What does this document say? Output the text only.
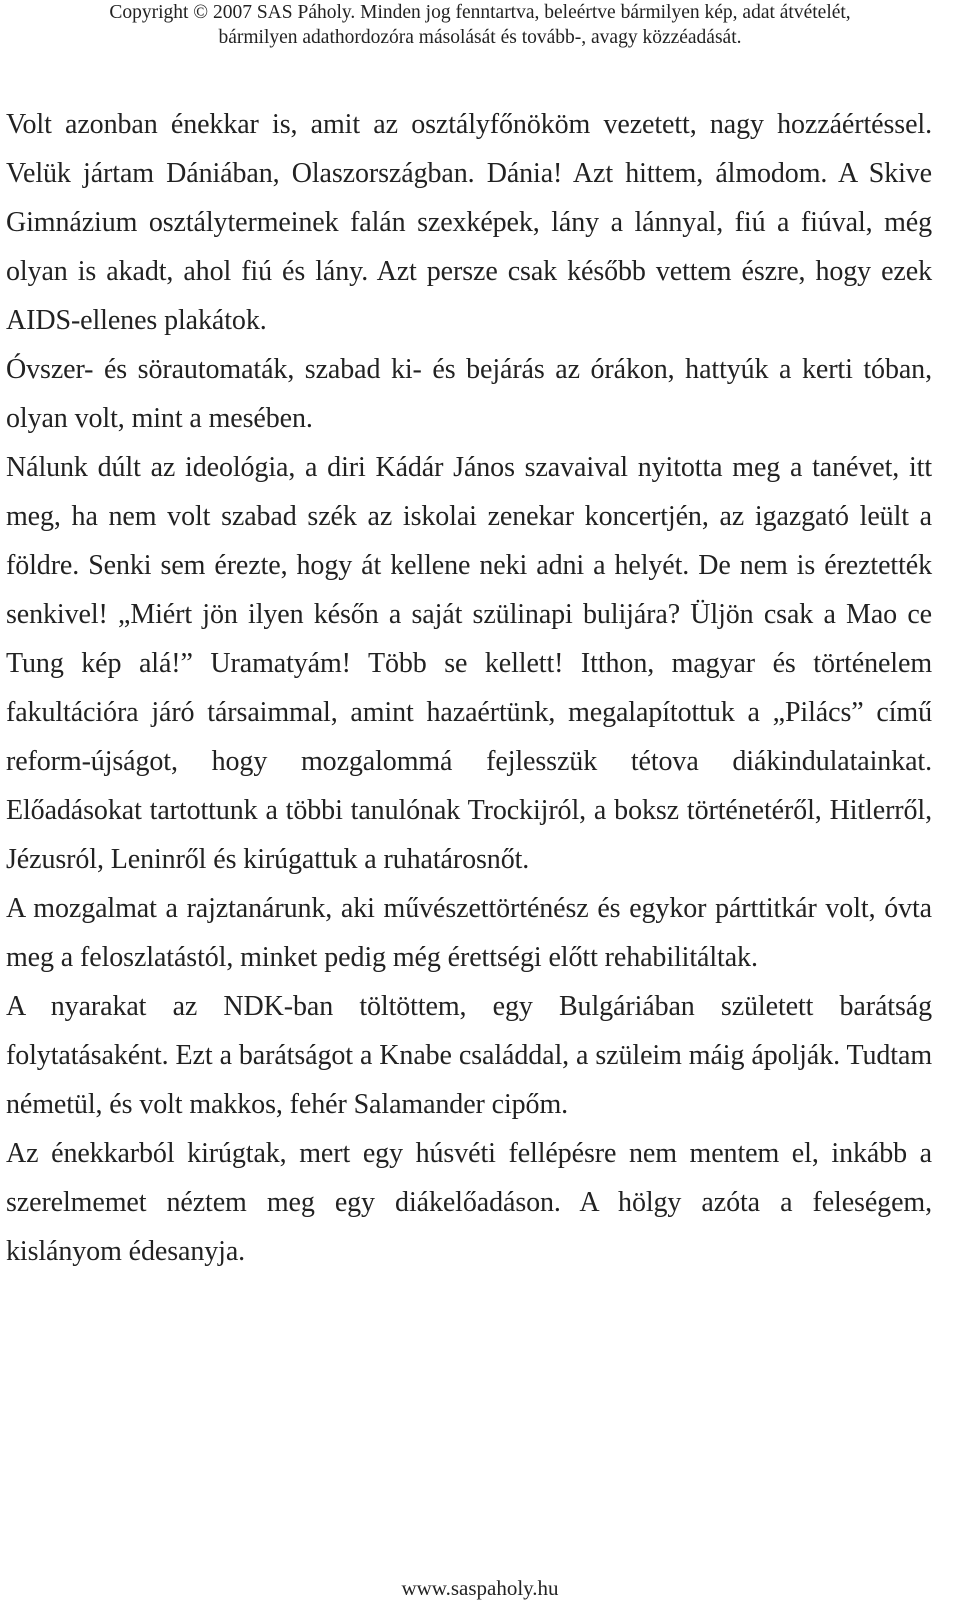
Copyright © 2007 SAS Páholy. Minden jog fenntartva, beleértve bármilyen kép, adat átvételét,

bármilyen adathordozóra másolását és tovább-, avagy közzéadását.

Volt azonban énekkar is, amit az osztályfőnököm vezetett, nagy hozzáértéssel. Velük jártam Dániában, Olaszországban. Dánia! Azt hittem, álmodom. A Skive Gimnázium osztálytermeinek falán szexképek, lány a lánnyal, fiú a fiúval, még olyan is akadt, ahol fiú és lány. Azt persze csak később vettem észre, hogy ezek AIDS-ellenes plakátok.

Óvszer- és sörautomaták, szabad ki- és bejárás az órákon, hattyúk a kerti tóban, olyan volt, mint a mesében.

Nálunk dúlt az ideológia, a diri Kádár János szavaival nyitotta meg a tanévet, itt meg, ha nem volt szabad szék az iskolai zenekar koncertjén, az igazgató leült a földre. Senki sem érezte, hogy át kellene neki adni a helyét. De nem is éreztették senkivel! „Miért jön ilyen későn a saját szülinapi bulijára? Üljön csak a Mao ce Tung kép alá!” Uramatyám! Több se kellett! Itthon, magyar és történelem fakultációra járó társaimmal, amint hazaértünk, megalapítottuk a „Pilács” című reform-újságot, hogy mozgalommá fejlesszük tétova diákindulatainkat. Előadásokat tartottunk a többi tanulónak Trockijról, a boksz történetéről, Hitlerről, Jézusról, Leninről és kirúgattuk a ruhatárosnőt.

A mozgalmat a rajztanárunk, aki művészettörténész és egykor párttitkár volt, óvta meg a feloszlatástól, minket pedig még érettségi előtt rehabilitáltak.

A nyarakat az NDK-ban töltöttem, egy Bulgáriában született barátság folytatásaként. Ezt a barátságot a Knabe családdal, a szüleim máig ápolják. Tudtam németül, és volt makkos, fehér Salamander cipőm.

Az énekkarból kirúgtak, mert egy húsvéti fellépésre nem mentem el, inkább a szerelmemet néztem meg egy diákelőadáson. A hölgy azóta a feleségem, kislányom édesanyja.

www.saspaholy.hu
